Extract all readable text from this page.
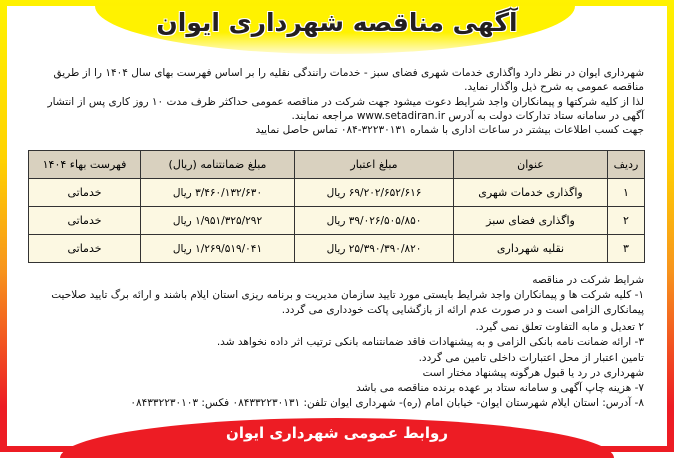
آگهی مناقصه شهرداری ایوان
شهرداری ایوان در نظر دارد واگذاری خدمات شهری فضای سبز - خدمات رانندگی نقلیه را بر اساس فهرست بهای سال ۱۴۰۴ را از طریق
مناقصه عمومی به شرح ذیل واگذار نماید.
لذا از کلیه شرکتها و پیمانکاران واجد شرایط دعوت میشود جهت شرکت در مناقصه عمومی حداکثر ظرف مدت ۱۰ روز کاری پس از انتشار
آگهی در سامانه ستاد تدارکات دولت به آدرس www.setadiran.ir مراجعه نمایند.
جهت کسب اطلاعات بیشتر در ساعات اداری با شماره ۳۲۲۳۰۱۳۱-۰۸۴ تماس حاصل نمایید
ردیف	عنوان	مبلغ اعتبار	مبلغ ضمانتنامه (ریال)	فهرست بهاء ۱۴۰۴
۱	واگذاری خدمات شهری	۶۹/۲۰۲/۶۵۲/۶۱۶ ریال	۳/۴۶۰/۱۳۲/۶۳۰ ریال	خدماتی
۲	واگذاری فضای سبز	۳۹/۰۲۶/۵۰۵/۸۵۰ ریال	۱/۹۵۱/۳۲۵/۲۹۲ ریال	خدماتی
۳	نقلیه شهرداری	۲۵/۳۹۰/۳۹۰/۸۲۰ ریال	۱/۲۶۹/۵۱۹/۰۴۱ ریال	خدماتی
شرایط شرکت در مناقصه
۱- کلیه شرکت ها و پیمانکاران واجد شرایط بایستی مورد تایید سازمان مدیریت و برنامه ریزی استان ایلام باشند و ارائه برگ تایید صلاحیت
پیمانکاری الزامی است و در صورت عدم ارائه از بازگشایی پاکت خودداری می گردد.
۲ تعدیل و مابه التفاوت تعلق نمی گیرد.
۳- ارائه ضمانت نامه بانکی الزامی و به پیشنهادات فاقد ضمانتنامه بانکی ترتیب اثر داده نخواهد شد.
تامین اعتبار از محل اعتبارات داخلی تامین می گردد.
شهرداری در رد یا قبول هرگونه پیشنهاد مختار است
۷- هزینه چاپ آگهی و سامانه ستاد بر عهده برنده مناقصه می باشد
۸- آدرس: استان ایلام شهرستان ایوان- خیابان امام (ره)- شهرداری ایوان تلفن: ۰۸۴۳۳۲۲۳۰۱۳۱ فکس: ۰۸۴۳۳۲۲۳۰۱۰۳
روابط عمومی شهرداری ایوان
